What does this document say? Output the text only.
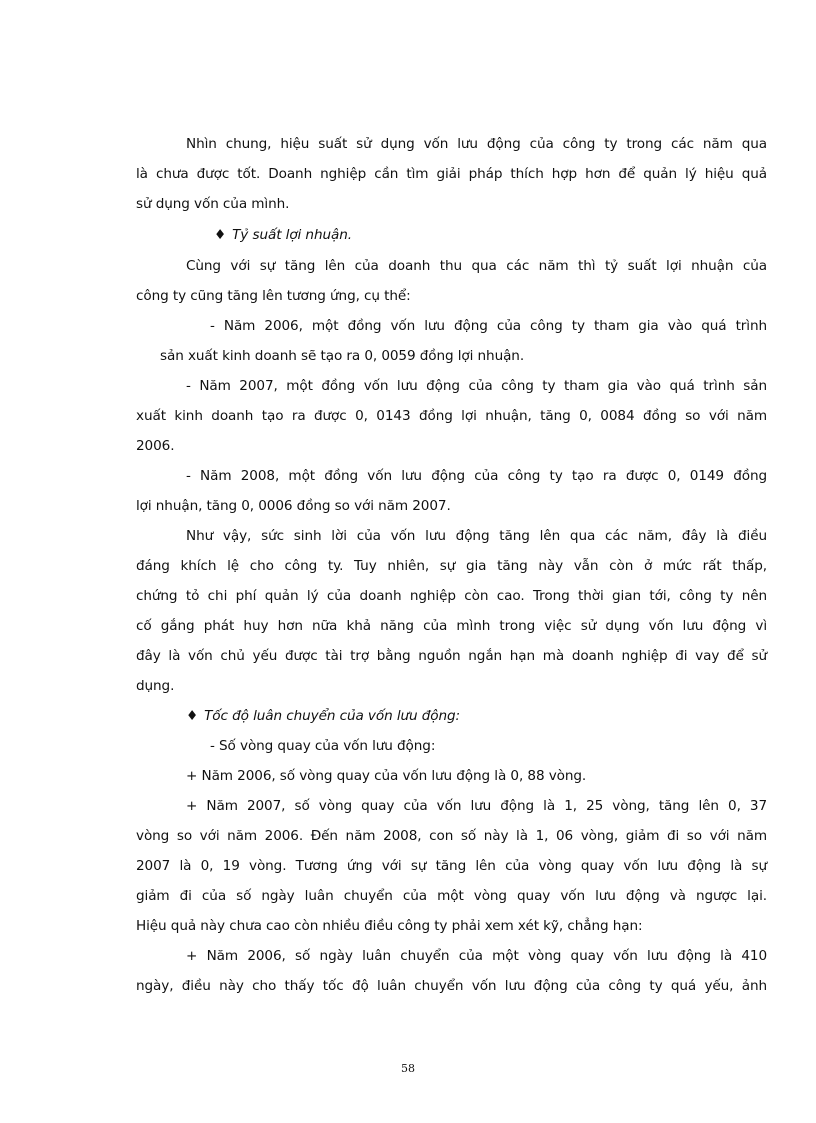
Nhìn chung, hiệu suất sử dụng vốn lưu động của công ty trong các năm qua
là chưa được tốt. Doanh nghiệp cần tìm giải pháp thích hợp hơn để quản lý hiệu quả
sử dụng vốn của mình.
♦ Tỷ suất lợi nhuận.
Cùng với sự tăng lên của doanh thu qua các năm thì tỷ suất lợi nhuận của
công ty cũng tăng lên tương ứng, cụ thể:
- Năm 2006, một đồng vốn lưu động của công ty tham gia vào quá trình
sản xuất kinh doanh sẽ tạo ra 0, 0059 đồng lợi nhuận.
- Năm 2007, một đồng vốn lưu động của công ty tham gia vào quá trình sản
xuất kinh doanh tạo ra được 0, 0143 đồng lợi nhuận, tăng 0, 0084 đồng so với năm
2006.
- Năm 2008, một đồng vốn lưu động của công ty tạo ra được 0, 0149 đồng
lợi nhuận, tăng 0, 0006 đồng so với năm 2007.
Như vậy, sức sinh lời của vốn lưu động tăng lên qua các năm, đây là điều
đáng khích lệ cho công ty. Tuy nhiên, sự gia tăng này vẫn còn ở mức rất thấp,
chứng tỏ chi phí quản lý của doanh nghiệp còn cao. Trong thời gian tới, công ty nên
cố gắng phát huy hơn nữa khả năng của mình trong việc sử dụng vốn lưu động vì
đây là vốn chủ yếu được tài trợ bằng nguồn ngắn hạn mà doanh nghiệp đi vay để sử
dụng.
♦ Tốc độ luân chuyển của vốn lưu động:
- Số vòng quay của vốn lưu động:
+ Năm 2006, số vòng quay của vốn lưu động là 0, 88 vòng.
+ Năm 2007, số vòng quay của vốn lưu động là 1, 25 vòng, tăng lên 0, 37
vòng so với năm 2006. Đến năm 2008, con số này là 1, 06 vòng, giảm đi so với năm
2007 là 0, 19 vòng. Tương ứng với sự tăng lên của vòng quay vốn lưu động là sự
giảm đi của số ngày luân chuyển của một vòng quay vốn lưu động và ngược lại.
Hiệu quả này chưa cao còn nhiều điều công ty phải xem xét kỹ, chẳng hạn:
+ Năm 2006, số ngày luân chuyển của một vòng quay vốn lưu động là 410
ngày, điều này cho thấy tốc độ luân chuyển vốn lưu động của công ty quá yếu, ảnh
58
